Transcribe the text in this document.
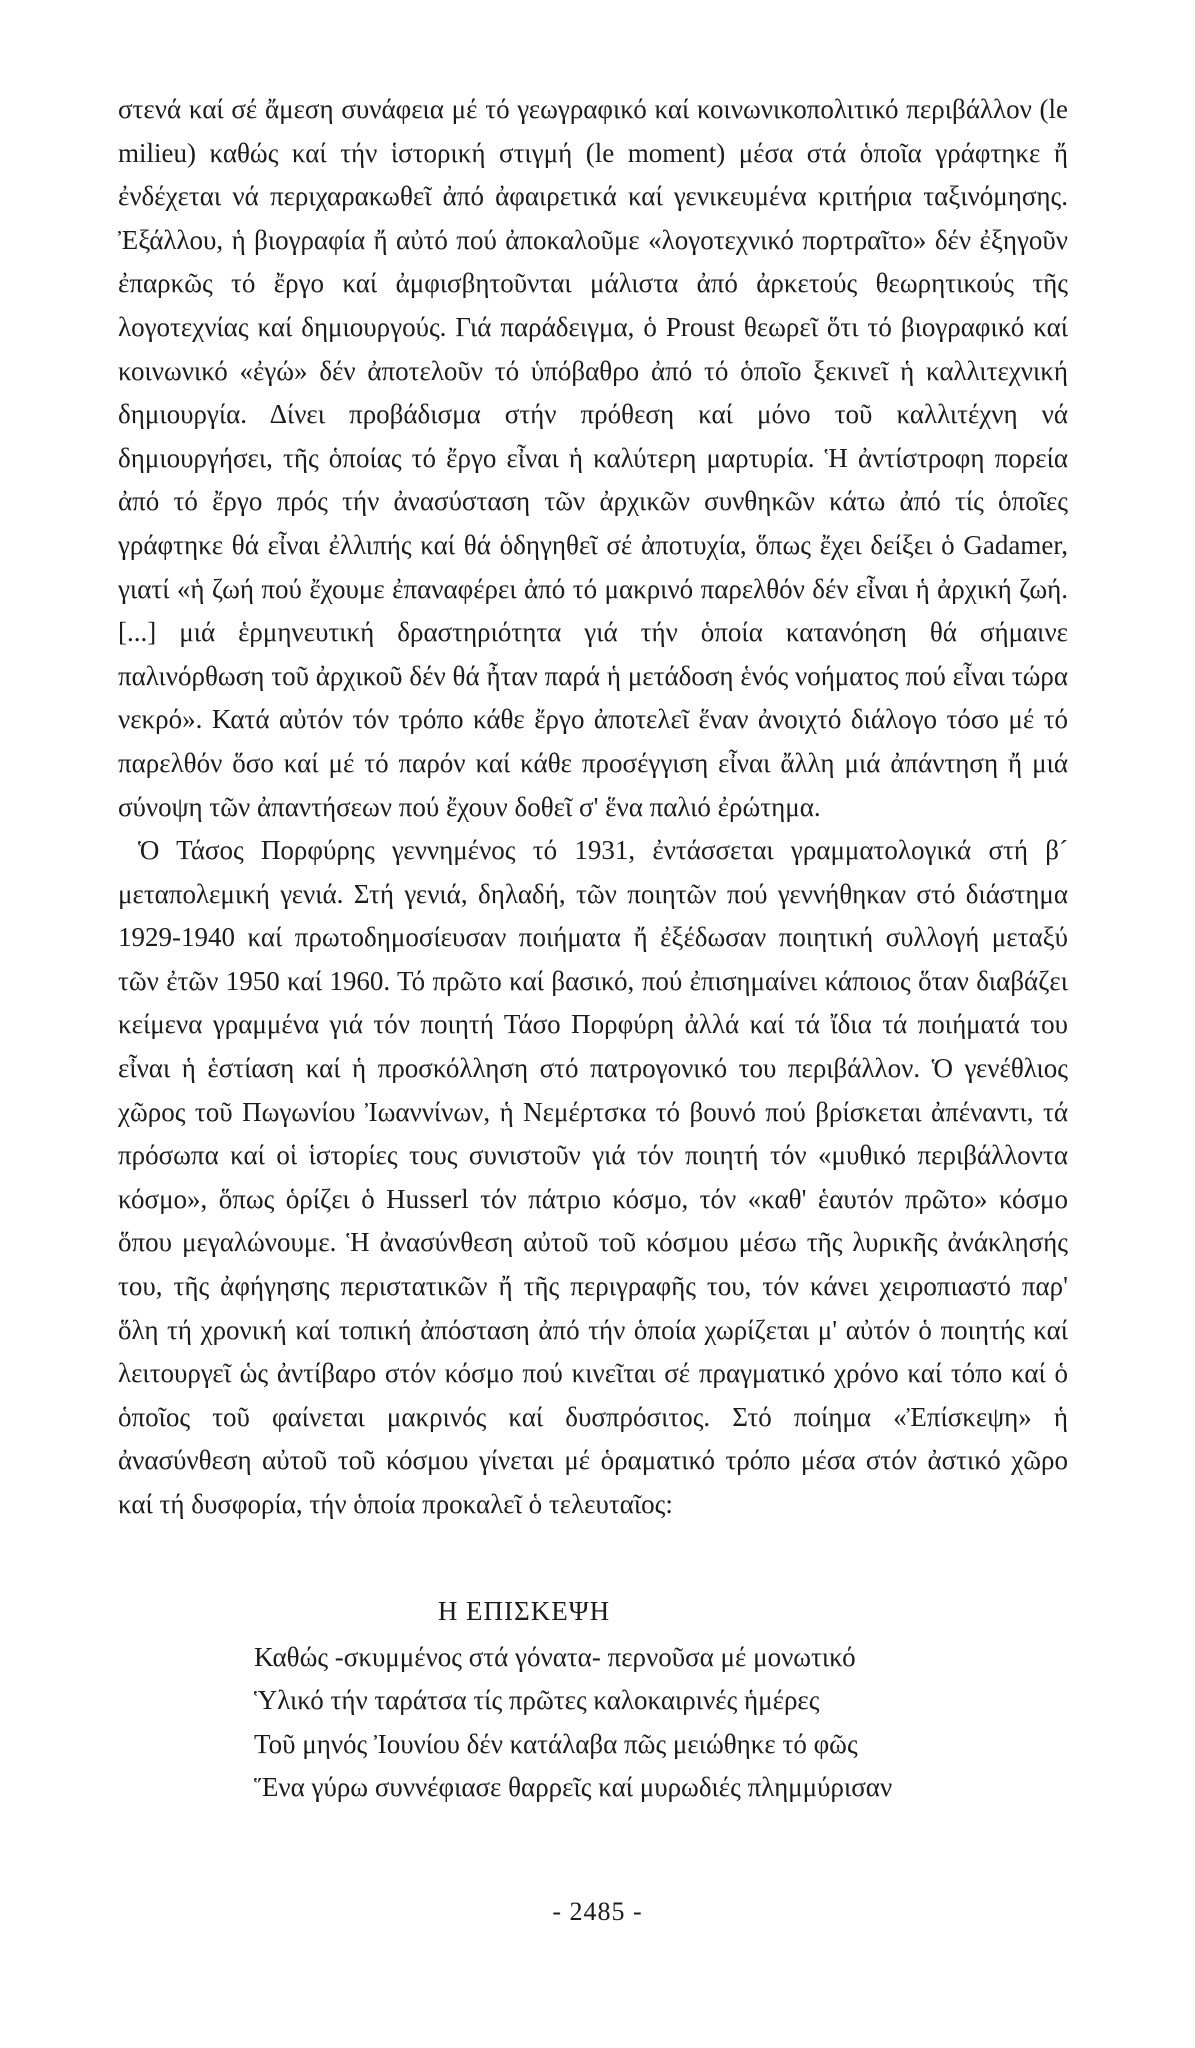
στενά καί σέ ἄμεση συνάφεια μέ τό γεωγραφικό καί κοινωνικοπολιτικό περιβάλλον (le milieu) καθώς καί τήν ἱστορική στιγμή (le moment) μέσα στά ὁποῖα γράφτηκε ἤ ἐνδέχεται νά περιχαρακωθεῖ ἀπό ἀφαιρετικά καί γενικευμένα κριτήρια ταξινόμησης. Ἐξάλλου, ἡ βιογραφία ἤ αὐτό πού ἀποκαλοῦμε «λογοτεχνικό πορτραῖτο» δέν ἐξηγοῦν ἐπαρκῶς τό ἔργο καί ἀμφισβητοῦνται μάλιστα ἀπό ἀρκετούς θεωρητικούς τῆς λογοτεχνίας καί δημιουργούς. Γιά παράδειγμα, ὁ Proust θεωρεῖ ὅτι τό βιογραφικό καί κοινωνικό «ἐγώ» δέν ἀποτελοῦν τό ὑπόβαθρο ἀπό τό ὁποῖο ξεκινεῖ ἡ καλλιτεχνική δημιουργία. Δίνει προβάδισμα στήν πρόθεση καί μόνο τοῦ καλλιτέχνη νά δημιουργήσει, τῆς ὁποίας τό ἔργο εἶναι ἡ καλύτερη μαρτυρία. Ἡ ἀντίστροφη πορεία ἀπό τό ἔργο πρός τήν ἀνασύσταση τῶν ἀρχικῶν συνθηκῶν κάτω ἀπό τίς ὁποῖες γράφτηκε θά εἶναι ἐλλιπής καί θά ὁδηγηθεῖ σέ ἀποτυχία, ὅπως ἔχει δείξει ὁ Gadamer, γιατί «ἡ ζωή πού ἔχουμε ἐπαναφέρει ἀπό τό μακρινό παρελθόν δέν εἶναι ἡ ἀρχική ζωή. [...] μιά ἑρμηνευτική δραστηριότητα γιά τήν ὁποία κατανόηση θά σήμαινε παλινόρθωση τοῦ ἀρχικοῦ δέν θά ἦταν παρά ἡ μετάδοση ἑνός νοήματος πού εἶναι τώρα νεκρό». Κατά αὐτόν τόν τρόπο κάθε ἔργο ἀποτελεῖ ἕναν ἀνοιχτό διάλογο τόσο μέ τό παρελθόν ὅσο καί μέ τό παρόν καί κάθε προσέγγιση εἶναι ἄλλη μιά ἀπάντηση ἤ μιά σύνοψη τῶν ἀπαντήσεων πού ἔχουν δοθεῖ σ' ἕνα παλιό ἐρώτημα.

Ὁ Τάσος Πορφύρης γεννημένος τό 1931, ἐντάσσεται γραμματολογικά στή β´ μεταπολεμική γενιά. Στή γενιά, δηλαδή, τῶν ποιητῶν πού γεννήθηκαν στό διάστημα 1929-1940 καί πρωτοδημοσίευσαν ποιήματα ἤ ἐξέδωσαν ποιητική συλλογή μεταξύ τῶν ἐτῶν 1950 καί 1960. Τό πρῶτο καί βασικό, πού ἐπισημαίνει κάποιος ὅταν διαβάζει κείμενα γραμμένα γιά τόν ποιητή Τάσο Πορφύρη ἀλλά καί τά ἴδια τά ποιήματά του εἶναι ἡ ἑστίαση καί ἡ προσκόλληση στό πατρογονικό του περιβάλλον. Ὁ γενέθλιος χῶρος τοῦ Πωγωνίου Ἰωαννίνων, ἡ Νεμέρτσκα τό βουνό πού βρίσκεται ἀπέναντι, τά πρόσωπα καί οἱ ἱστορίες τους συνιστοῦν γιά τόν ποιητή τόν «μυθικό περιβάλλοντα κόσμο», ὅπως ὁρίζει ὁ Husserl τόν πάτριο κόσμο, τόν «καθ' ἑαυτόν πρῶτο» κόσμο ὅπου μεγαλώνουμε. Ἡ ἀνασύνθεση αὐτοῦ τοῦ κόσμου μέσω τῆς λυρικῆς ἀνάκλησής του, τῆς ἀφήγησης περιστατικῶν ἤ τῆς περιγραφῆς του, τόν κάνει χειροπιαστό παρ' ὅλη τή χρονική καί τοπική ἀπόσταση ἀπό τήν ὁποία χωρίζεται μ' αὐτόν ὁ ποιητής καί λειτουργεῖ ὡς ἀντίβαρο στόν κόσμο πού κινεῖται σέ πραγματικό χρόνο καί τόπο καί ὁ ὁποῖος τοῦ φαίνεται μακρινός καί δυσπρόσιτος. Στό ποίημα «Ἐπίσκεψη» ἡ ἀνασύνθεση αὐτοῦ τοῦ κόσμου γίνεται μέ ὁραματικό τρόπο μέσα στόν ἀστικό χῶρο καί τή δυσφορία, τήν ὁποία προκαλεῖ ὁ τελευταῖος:

Η ΕΠΙΣΚΕΨΗ

Καθώς -σκυμμένος στά γόνατα- περνοῦσα μέ μονωτικό

Ὑλικό τήν ταράτσα τίς πρῶτες καλοκαιρινές ἡμέρες

Τοῦ μηνός Ἰουνίου δέν κατάλαβα πῶς μειώθηκε τό φῶς

Ἕνα γύρω συννέφιασε θαρρεῖς καί μυρωδιές πλημμύρισαν

- 2485 -
